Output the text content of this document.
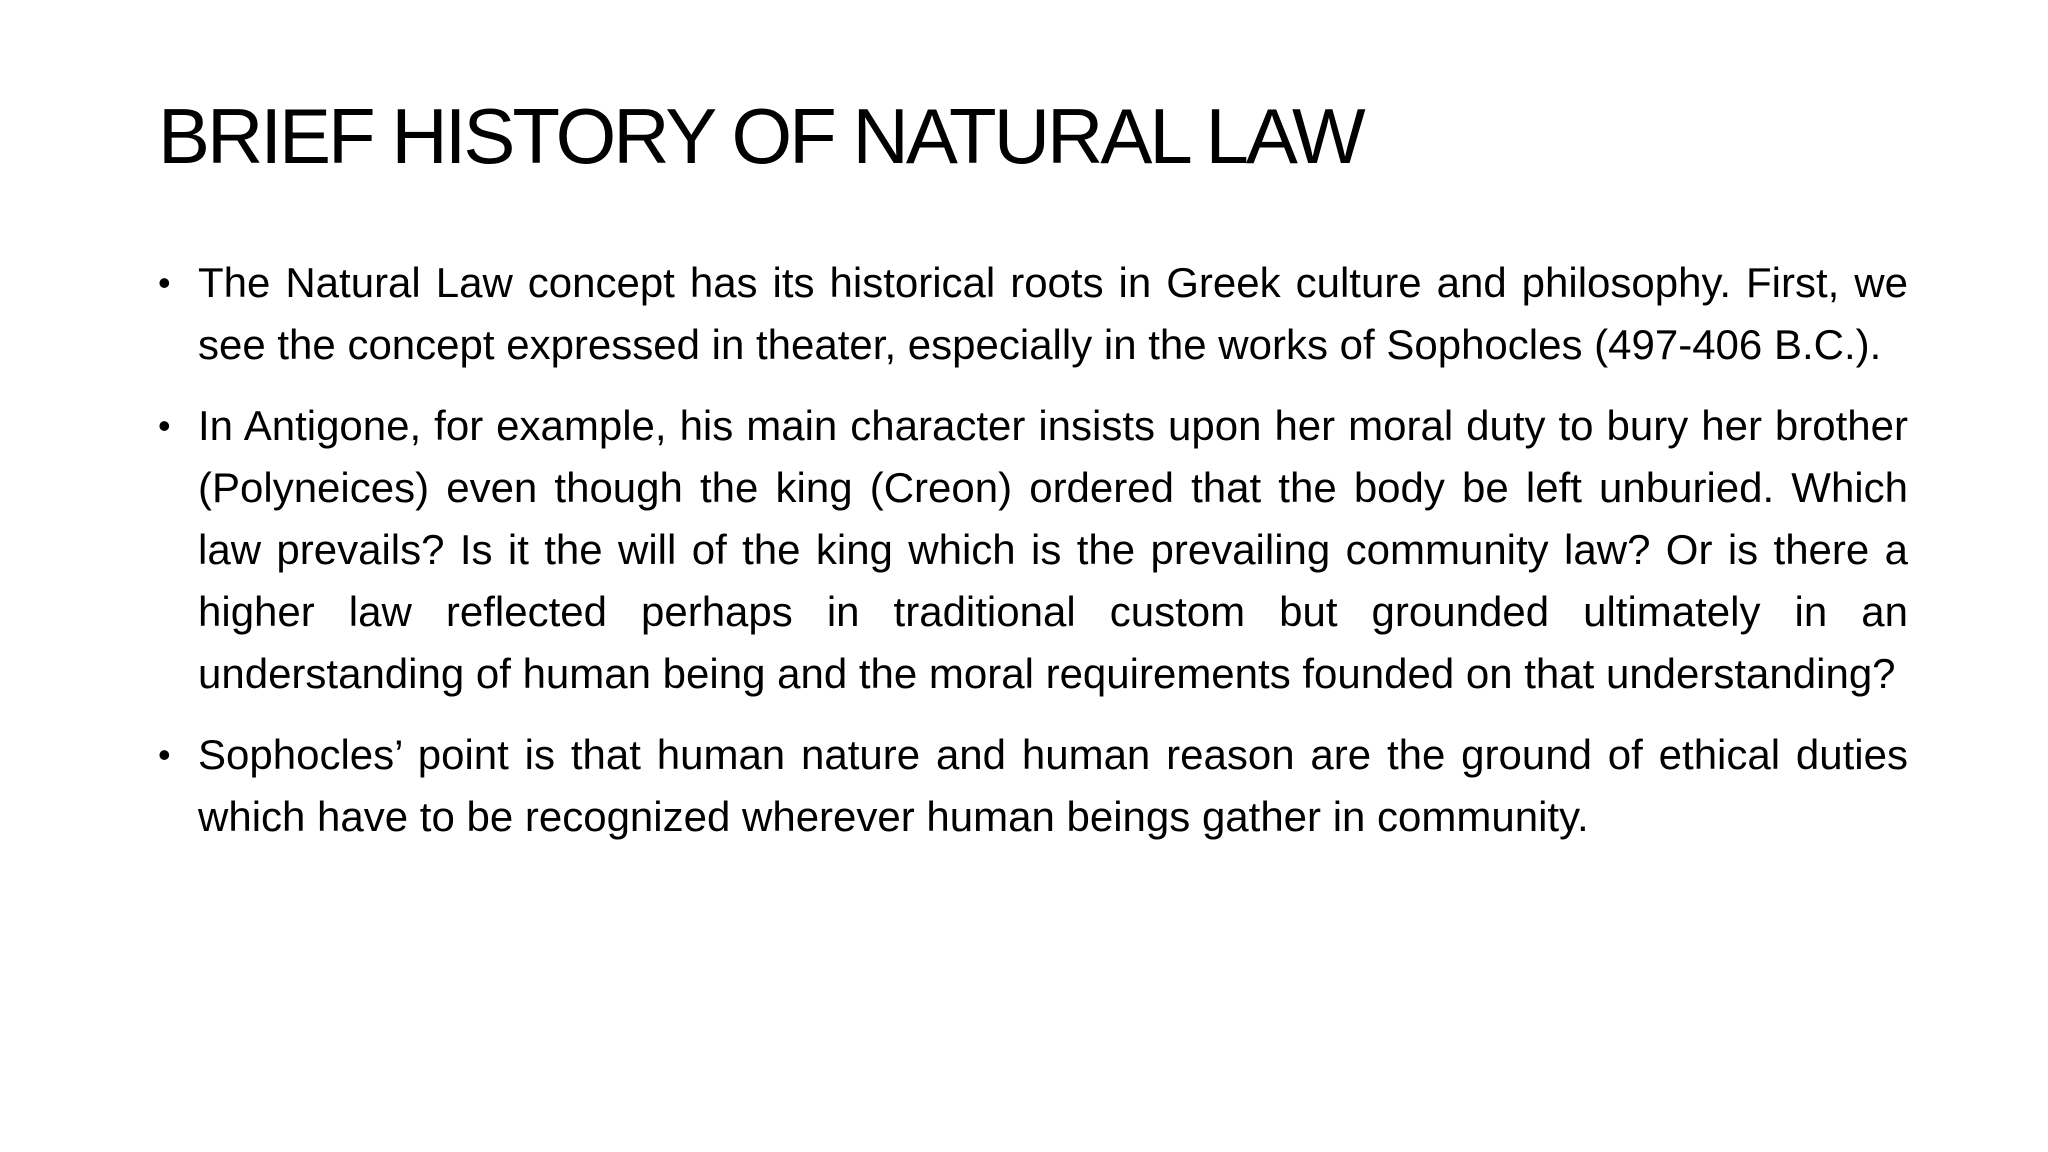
BRIEF HISTORY OF NATURAL LAW
• The Natural Law concept has its historical roots in Greek culture and philosophy. First, we see the concept expressed in theater, especially in the works of Sophocles (497-406 B.C.).
• In Antigone, for example, his main character insists upon her moral duty to bury her brother (Polyneices) even though the king (Creon) ordered that the body be left unburied. Which law prevails? Is it the will of the king which is the prevailing community law? Or is there a higher law reflected perhaps in traditional custom but grounded ultimately in an understanding of human being and the moral requirements founded on that understanding?
• Sophocles’ point is that human nature and human reason are the ground of ethical duties which have to be recognized wherever human beings gather in community.
